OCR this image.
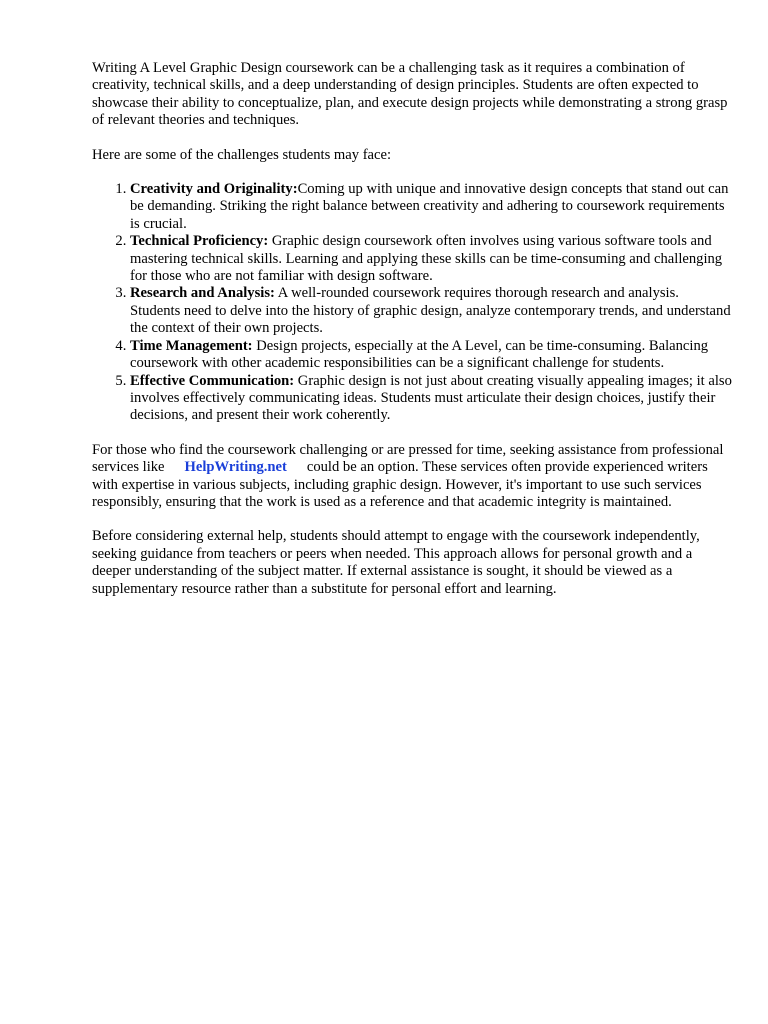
Writing A Level Graphic Design coursework can be a challenging task as it requires a combination of creativity, technical skills, and a deep understanding of design principles. Students are often expected to showcase their ability to conceptualize, plan, and execute design projects while demonstrating a strong grasp of relevant theories and techniques.

Here are some of the challenges students may face:

1. Creativity and Originality:Coming up with unique and innovative design concepts that stand out can be demanding. Striking the right balance between creativity and adhering to coursework requirements is crucial.
2. Technical Proficiency: Graphic design coursework often involves using various software tools and mastering technical skills. Learning and applying these skills can be time-consuming and challenging for those who are not familiar with design software.
3. Research and Analysis: A well-rounded coursework requires thorough research and analysis. Students need to delve into the history of graphic design, analyze contemporary trends, and understand the context of their own projects.
4. Time Management: Design projects, especially at the A Level, can be time-consuming. Balancing coursework with other academic responsibilities can be a significant challenge for students.
5. Effective Communication: Graphic design is not just about creating visually appealing images; it also involves effectively communicating ideas. Students must articulate their design choices, justify their decisions, and present their work coherently.

For those who find the coursework challenging or are pressed for time, seeking assistance from professional services like HelpWriting.net could be an option. These services often provide experienced writers with expertise in various subjects, including graphic design. However, it's important to use such services responsibly, ensuring that the work is used as a reference and that academic integrity is maintained.

Before considering external help, students should attempt to engage with the coursework independently, seeking guidance from teachers or peers when needed. This approach allows for personal growth and a deeper understanding of the subject matter. If external assistance is sought, it should be viewed as a supplementary resource rather than a substitute for personal effort and learning.
